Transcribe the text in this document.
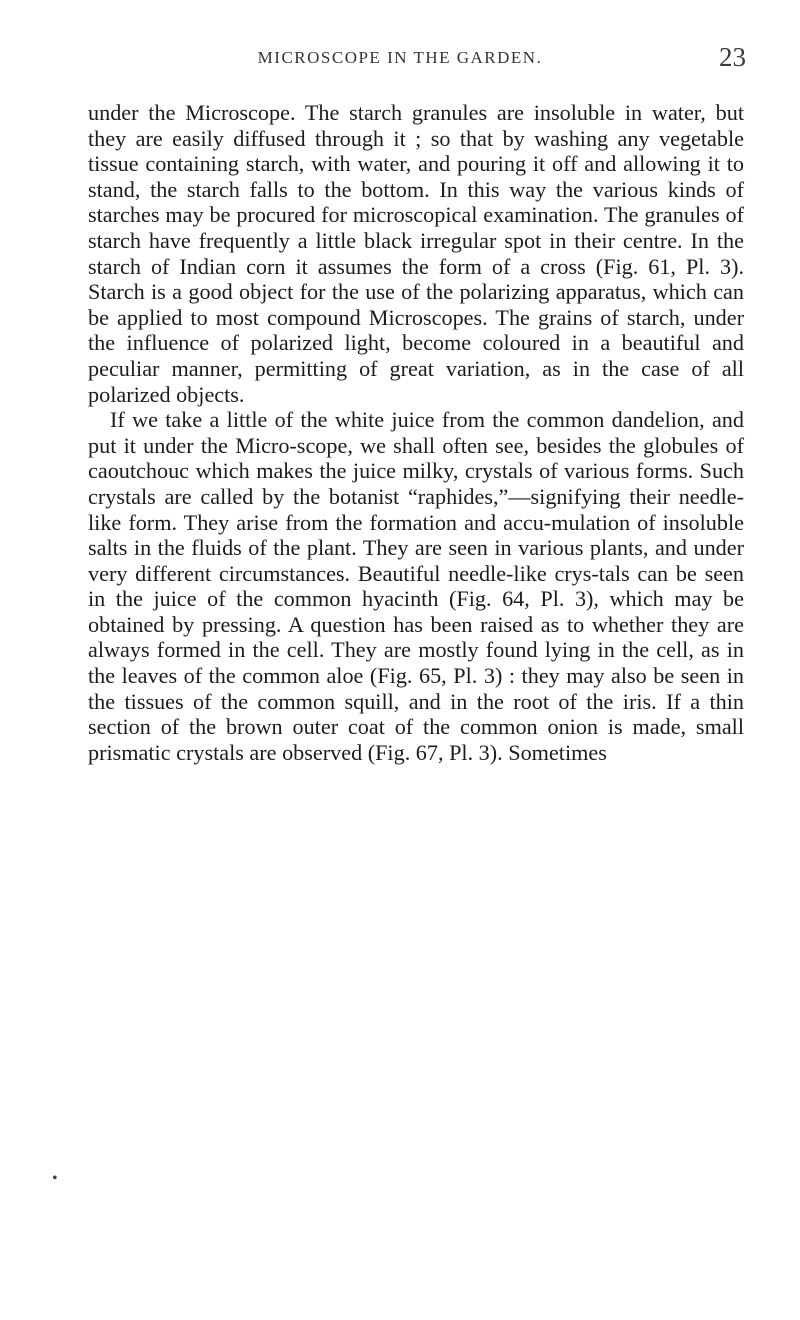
MICROSCOPE IN THE GARDEN.	23

under the Microscope. The starch granules are insoluble in water, but they are easily diffused through it ; so that by washing any vegetable tissue containing starch, with water, and pouring it off and allowing it to stand, the starch falls to the bottom. In this way the various kinds of starches may be procured for microscopical examination. The granules of starch have frequently a little black irregular spot in their centre. In the starch of Indian corn it assumes the form of a cross (Fig. 61, Pl. 3). Starch is a good object for the use of the polarizing apparatus, which can be applied to most compound Microscopes. The grains of starch, under the influence of polarized light, become coloured in a beautiful and peculiar manner, permitting of great variation, as in the case of all polarized objects.

If we take a little of the white juice from the common dandelion, and put it under the Micro-scope, we shall often see, besides the globules of caoutchouc which makes the juice milky, crystals of various forms. Such crystals are called by the botanist “raphides,”—signifying their needle-like form. They arise from the formation and accu-mulation of insoluble salts in the fluids of the plant. They are seen in various plants, and under very different circumstances. Beautiful needle-like crys-tals can be seen in the juice of the common hyacinth (Fig. 64, Pl. 3), which may be obtained by pressing. A question has been raised as to whether they are always formed in the cell. They are mostly found lying in the cell, as in the leaves of the common aloe (Fig. 65, Pl. 3) : they may also be seen in the tissues of the common squill, and in the root of the iris. If a thin section of the brown outer coat of the common onion is made, small prismatic crystals are observed (Fig. 67, Pl. 3). Sometimes

•
